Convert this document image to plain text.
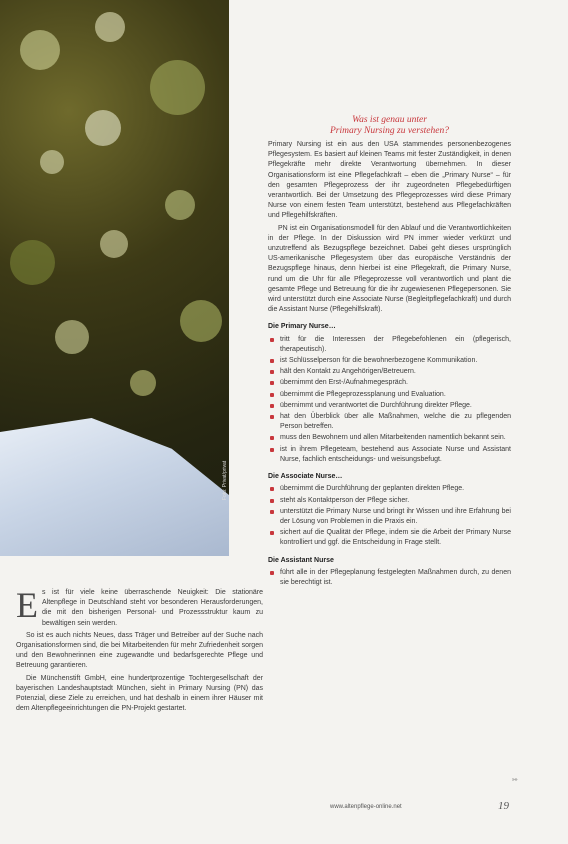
Foto: Privat/privat
Was ist genau unter
Primary Nursing zu verstehen?

Primary Nursing ist ein aus den USA stammendes personenbezogenes Pflegesystem. Es basiert auf kleinen Teams mit fester Zuständigkeit, in denen Pflegekräfte mehr direkte Verantwortung übernehmen. In dieser Organisationsform ist eine Pflegefachkraft – eben die „Primary Nurse“ – für den gesamten Pflegeprozess der ihr zugeordneten Pflegebedürftigen verantwortlich. Bei der Umsetzung des Pflegeprozesses wird diese Primary Nurse von einem festen Team unterstützt, bestehend aus Pflegefachkräften und Pflegehilfskräften.

PN ist ein Organisationsmodell für den Ablauf und die Verantwortlichkeiten in der Pflege. In der Diskussion wird PN immer wieder verkürzt und unzutreffend als Bezugspflege bezeichnet. Dabei geht dieses ursprünglich US-amerikanische Pflegesystem über das europäische Verständnis der Bezugspflege hinaus, denn hierbei ist eine Pflegekraft, die Primary Nurse, rund um die Uhr für alle Pflegeprozesse voll verantwortlich und plant die gesamte Pflege und Betreuung für die ihr zugewiesenen Pflegepersonen. Sie wird unterstützt durch eine Associate Nurse (Begleitpflegefachkraft) und durch die Assistant Nurse (Pflegehilfskraft).

Die Primary Nurse…
tritt für die Interessen der Pflegebefohlenen ein (pflegerisch, therapeutisch).
ist Schlüsselperson für die bewohnerbezogene Kommunikation.
hält den Kontakt zu Angehörigen/Betreuern.
übernimmt den Erst-/Aufnahmegespräch.
übernimmt die Pflegeprozessplanung und Evaluation.
übernimmt und verantwortet die Durchführung direkter Pflege.
hat den Überblick über alle Maßnahmen, welche die zu pflegenden Person betreffen.
muss den Bewohnern und allen Mitarbeitenden namentlich bekannt sein.
ist in ihrem Pflegeteam, bestehend aus Associate Nurse und Assistant Nurse, fachlich entscheidungs- und weisungsbefugt.
Die Associate Nurse…
übernimmt die Durchführung der geplanten direkten Pflege.
steht als Kontaktperson der Pflege sicher.
unterstützt die Primary Nurse und bringt ihr Wissen und ihre Erfahrung bei der Lösung von Problemen in die Praxis ein.
sichert auf die Qualität der Pflege, indem sie die Arbeit der Primary Nurse kontrolliert und ggf. die Entscheidung in Frage stellt.
Die Assistant Nurse
führt alle in der Pflegeplanung festgelegten Maßnahmen durch, zu denen sie berechtigt ist.
»»

Es ist für viele keine überraschende Neuigkeit: Die stationäre Altenpflege in Deutschland steht vor besonderen Herausforderungen, die mit den bisherigen Personal- und Prozessstruktur kaum zu bewältigen sein werden.

So ist es auch nichts Neues, dass Träger und Betreiber auf der Suche nach Organisationsformen sind, die bei Mitarbeitenden für mehr Zufriedenheit sorgen und den Bewohnerinnen eine zugewandte und bedarfsgerechte Pflege und Betreuung garantieren.

Die Münchenstift GmbH, eine hundertprozentige Tochtergesellschaft der bayerischen Landeshauptstadt München, sieht in Primary Nursing (PN) das Potenzial, diese Ziele zu erreichen, und hat deshalb in einem ihrer Häuser mit dem Altenpflegeeinrichtungen die PN-Projekt gestartet.

www.altenpflege-online.net	19
